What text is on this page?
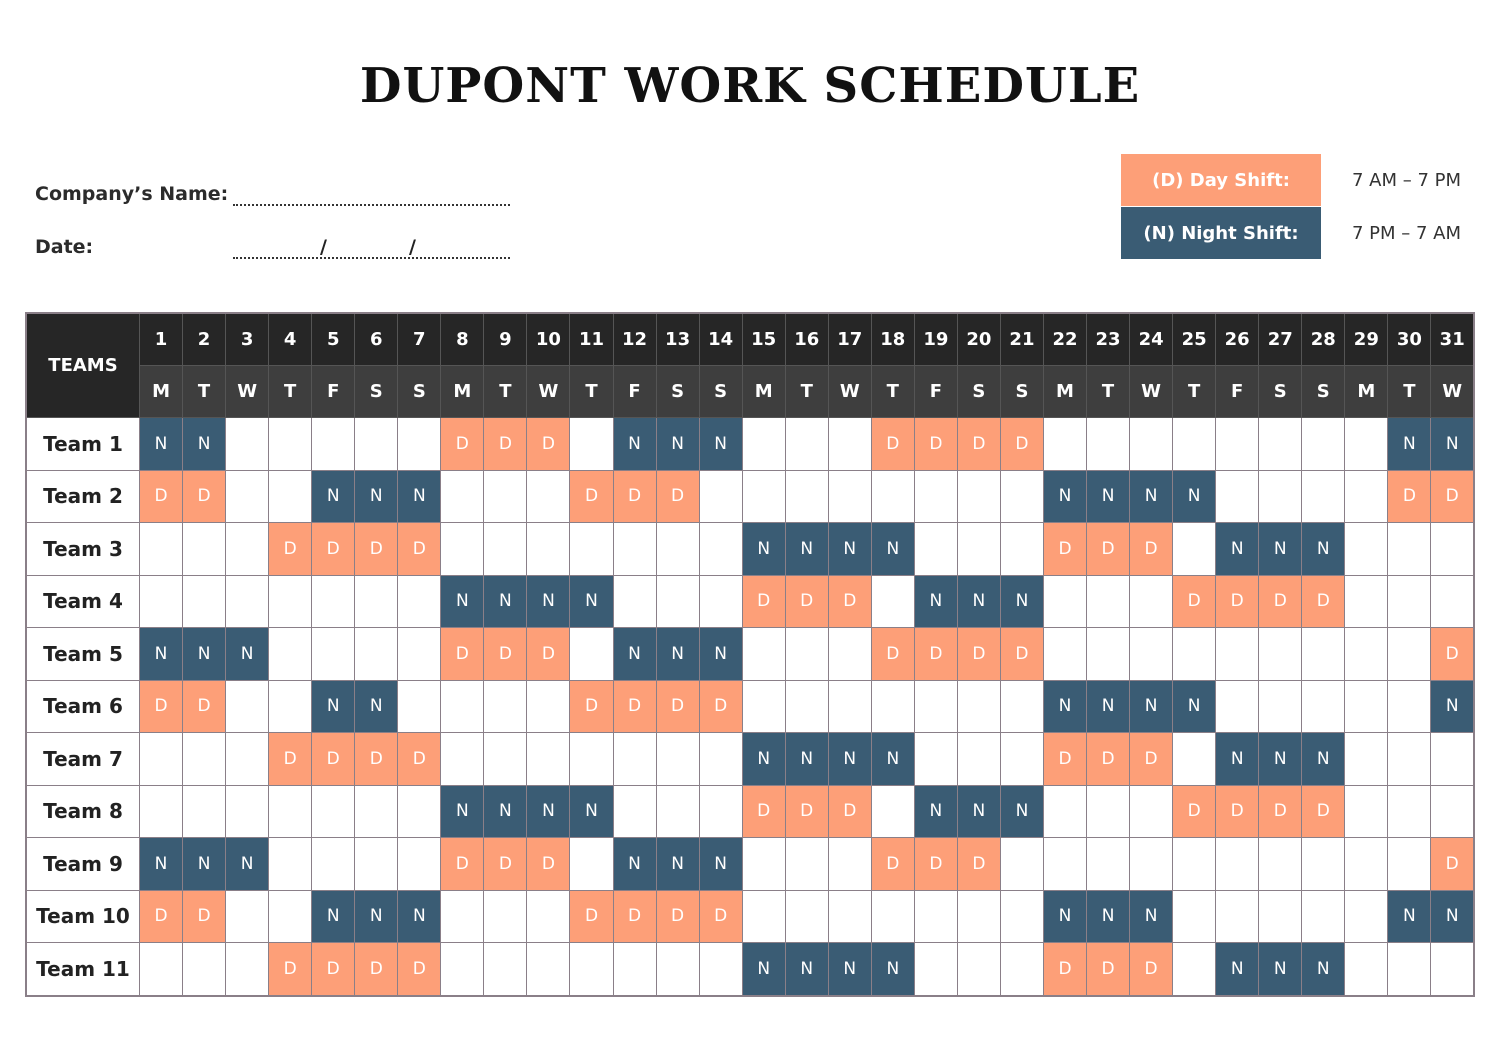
DUPONT WORK SCHEDULE
Company’s Name:
Date:	/	/
(D) Day Shift:	7 AM – 7 PM
(N) Night Shift:	7 PM – 7 AM
TEAMS	1	2	3	4	5	6	7	8	9	10	11	12	13	14	15	16	17	18	19	20	21	22	23	24	25	26	27	28	29	30	31
	M	T	W	T	F	S	S	M	T	W	T	F	S	S	M	T	W	T	F	S	S	M	T	W	T	F	S	S	M	T	W
Team 1	N	N						D	D	D		N	N	N				D	D	D	D									N	N
Team 2	D	D			N	N	N				D	D	D									N	N	N	N					D	D
Team 3				D	D	D	D								N	N	N	N				D	D	D		N	N	N			
Team 4								N	N	N	N				D	D	D		N	N	N				D	D	D	D			
Team 5	N	N	N					D	D	D		N	N	N				D	D	D	D										D
Team 6	D	D			N	N					D	D	D	D								N	N	N	N						N
Team 7				D	D	D	D								N	N	N	N				D	D	D		N	N	N			
Team 8								N	N	N	N				D	D	D		N	N	N				D	D	D	D			
Team 9	N	N	N					D	D	D		N	N	N				D	D	D											D
Team 10	D	D			N	N	N				D	D	D	D								N	N	N						N	N
Team 11				D	D	D	D								N	N	N	N				D	D	D		N	N	N			
